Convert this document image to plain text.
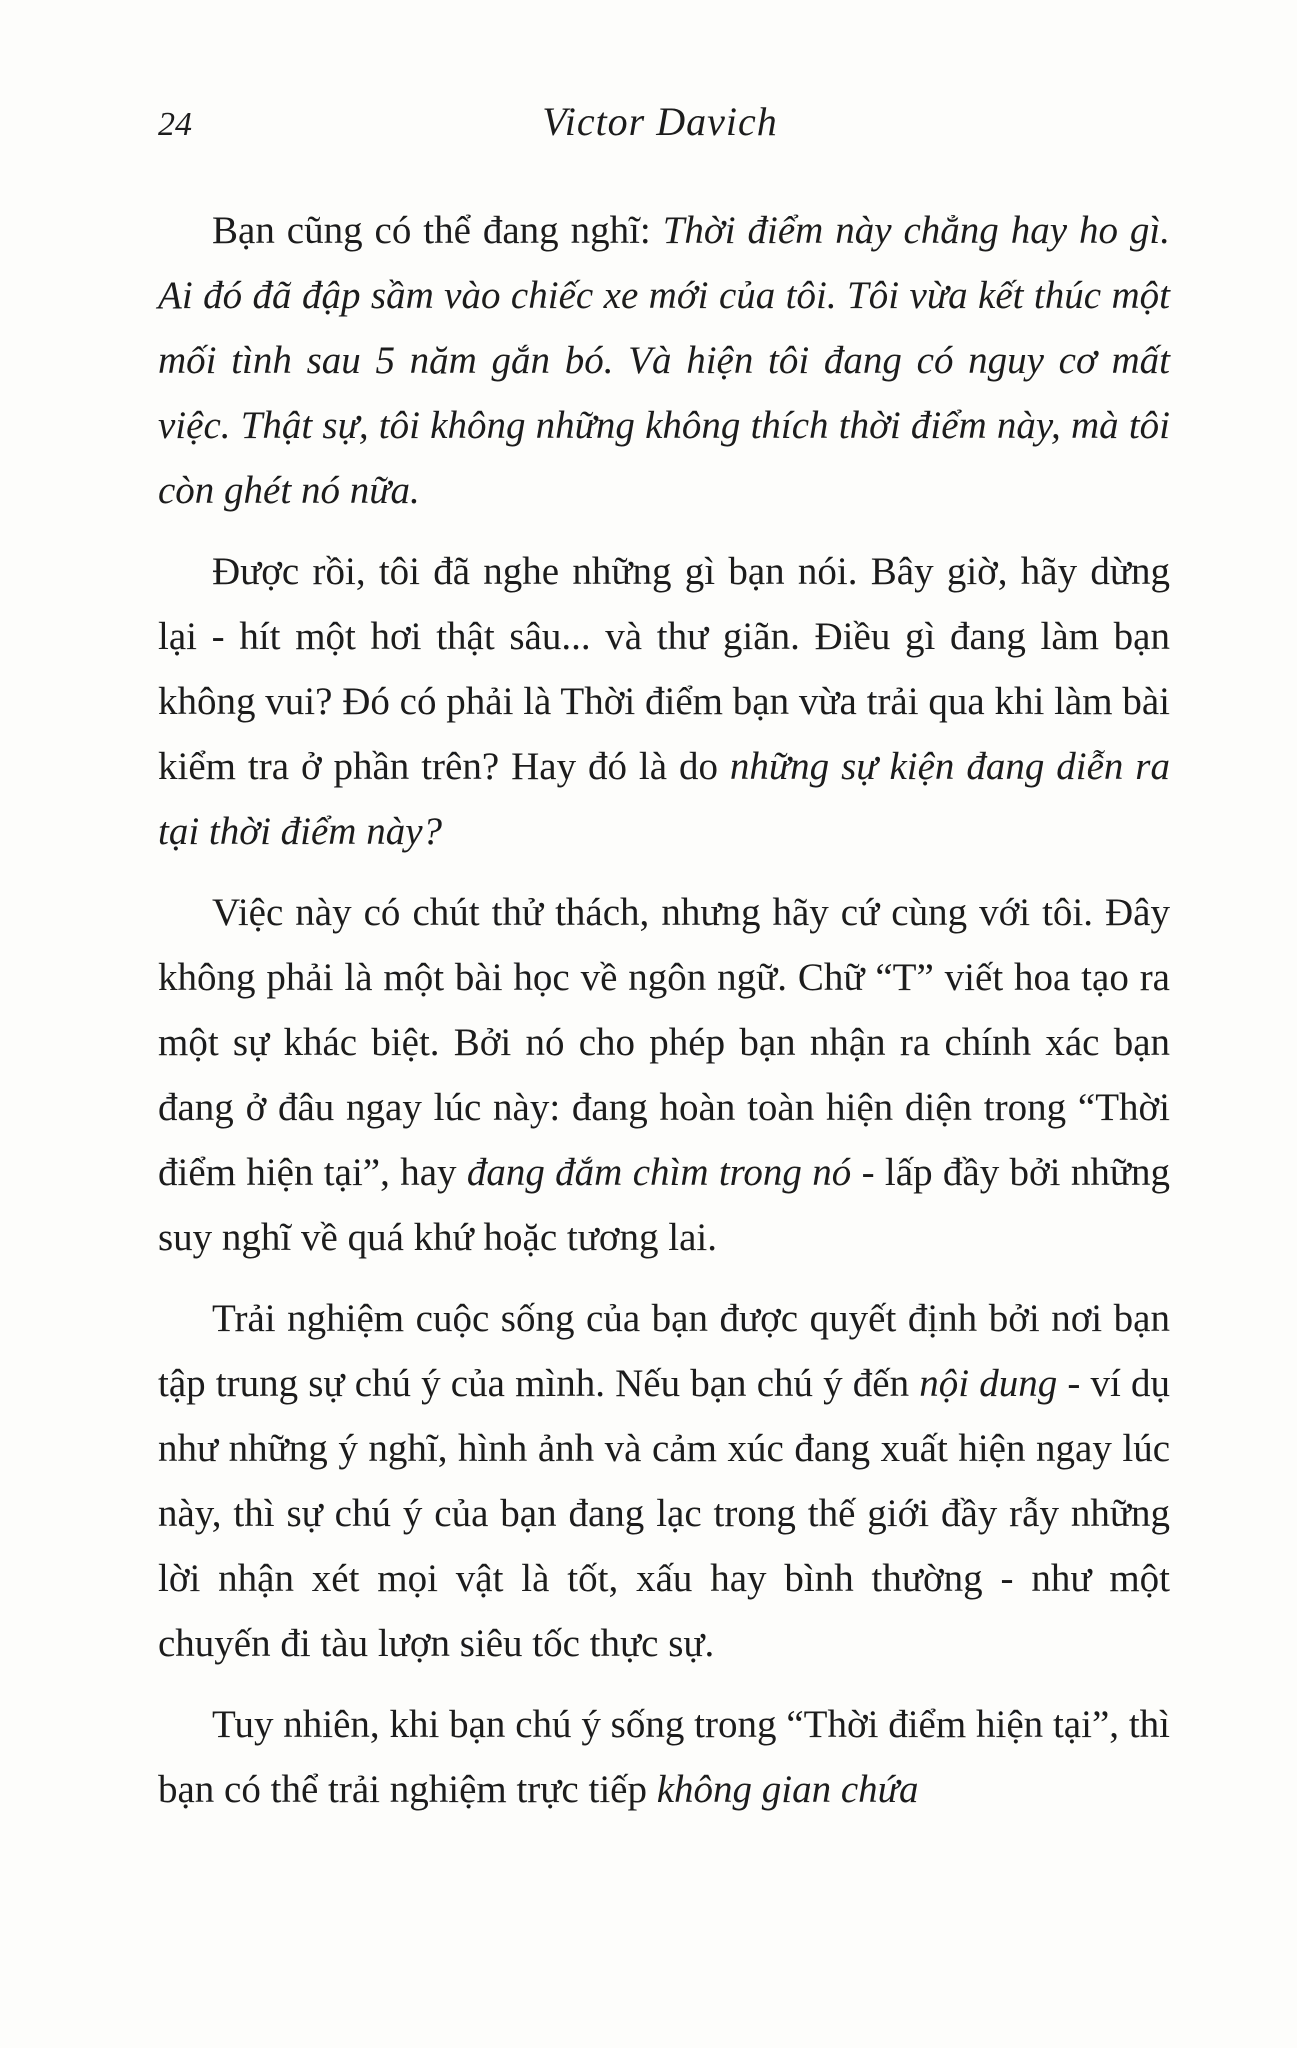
24	Victor Davich

Bạn cũng có thể đang nghĩ: Thời điểm này chẳng hay ho gì. Ai đó đã đập sầm vào chiếc xe mới của tôi. Tôi vừa kết thúc một mối tình sau 5 năm gắn bó. Và hiện tôi đang có nguy cơ mất việc. Thật sự, tôi không những không thích thời điểm này, mà tôi còn ghét nó nữa.

Được rồi, tôi đã nghe những gì bạn nói. Bây giờ, hãy dừng lại - hít một hơi thật sâu... và thư giãn. Điều gì đang làm bạn không vui? Đó có phải là Thời điểm bạn vừa trải qua khi làm bài kiểm tra ở phần trên? Hay đó là do những sự kiện đang diễn ra tại thời điểm này?

Việc này có chút thử thách, nhưng hãy cứ cùng với tôi. Đây không phải là một bài học về ngôn ngữ. Chữ “T” viết hoa tạo ra một sự khác biệt. Bởi nó cho phép bạn nhận ra chính xác bạn đang ở đâu ngay lúc này: đang hoàn toàn hiện diện trong “Thời điểm hiện tại”, hay đang đắm chìm trong nó - lấp đầy bởi những suy nghĩ về quá khứ hoặc tương lai.

Trải nghiệm cuộc sống của bạn được quyết định bởi nơi bạn tập trung sự chú ý của mình. Nếu bạn chú ý đến nội dung - ví dụ như những ý nghĩ, hình ảnh và cảm xúc đang xuất hiện ngay lúc này, thì sự chú ý của bạn đang lạc trong thế giới đầy rẫy những lời nhận xét mọi vật là tốt, xấu hay bình thường - như một chuyến đi tàu lượn siêu tốc thực sự.

Tuy nhiên, khi bạn chú ý sống trong “Thời điểm hiện tại”, thì bạn có thể trải nghiệm trực tiếp không gian chứa
